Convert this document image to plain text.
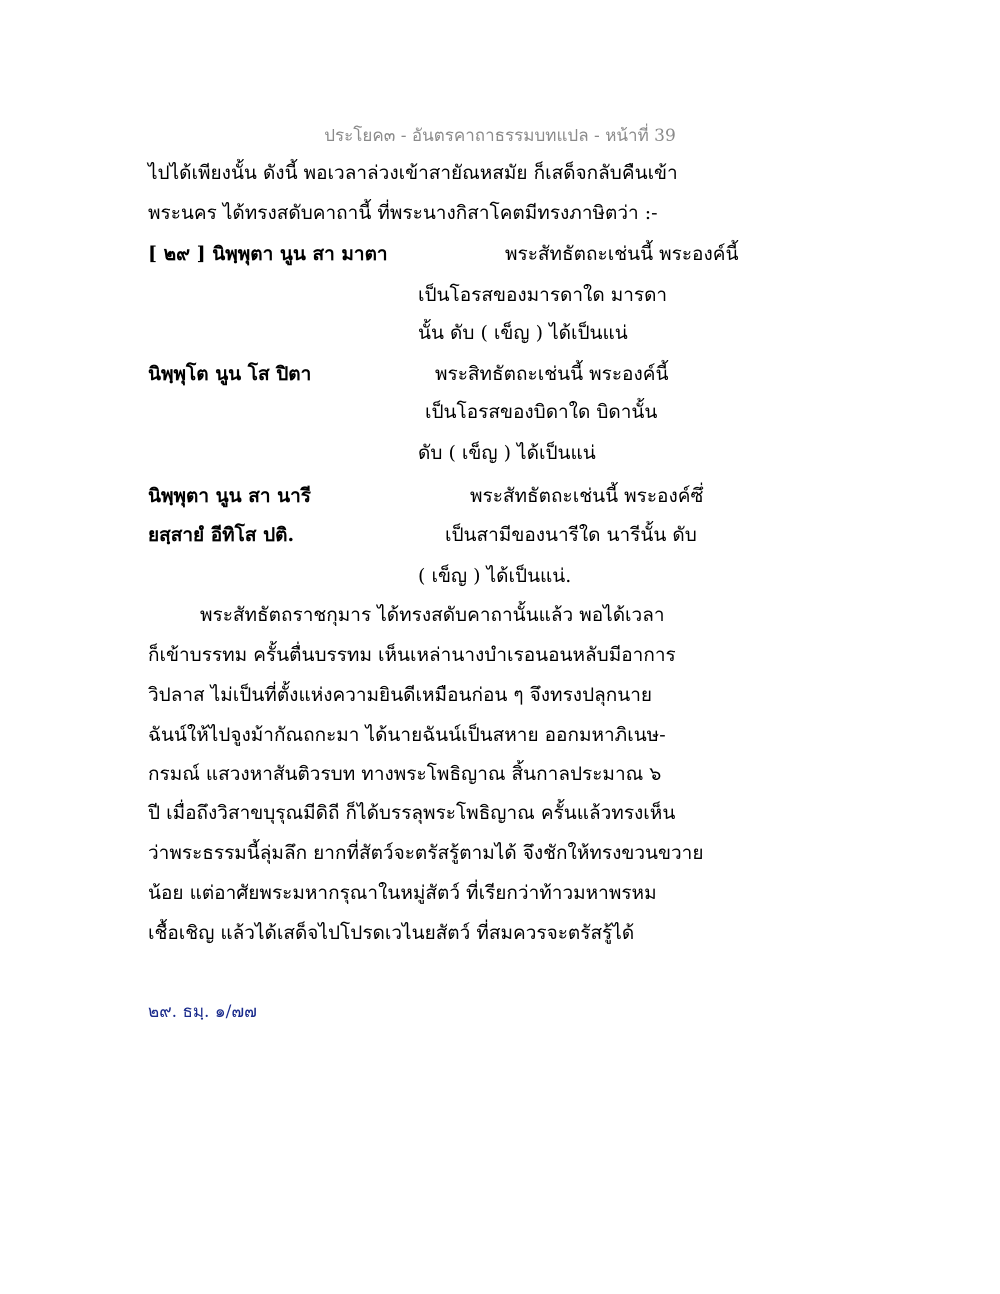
ประโยค๓ - อันตรคาถาธรรมบทแปล - หน้าที่ 39
ไปได้เพียงนั้น ดังนี้ พอเวลาล่วงเข้าสายัณหสมัย ก็เสด็จกลับคืนเข้า
พระนคร ได้ทรงสดับคาถานี้ ที่พระนางกิสาโคตมีทรงภาษิตว่า :-
[ ๒๙ ] นิพฺพุตา นูน สา มาตา	พระสัทธัตถะเช่นนี้ พระองค์นี้
เป็นโอรสของมารดาใด มารดา
นั้น ดับ ( เข็ญ ) ได้เป็นแน่
นิพฺพุโต นูน โส ปิตา	พระสิทธัตถะเช่นนี้ พระองค์นี้
เป็นโอรสของบิดาใด บิดานั้น
ดับ ( เข็ญ ) ได้เป็นแน่
นิพฺพุตา นูน สา นารี	พระสัทธัตถะเช่นนี้ พระองค์ซึ่
ยสฺสายํ อีทิโส ปติ.	เป็นสามีของนารีใด นารีนั้น ดับ
( เข็ญ ) ได้เป็นแน่.
พระสัทธัตถราชกุมาร ได้ทรงสดับคาถานั้นแล้ว พอได้เวลา
ก็เข้าบรรทม ครั้นตื่นบรรทม เห็นเหล่านางบำเรอนอนหลับมีอาการ
วิปลาส ไม่เป็นที่ตั้งแห่งความยินดีเหมือนก่อน ๆ จึงทรงปลุกนาย
ฉันน์ให้ไปจูงม้ากัณถกะมา ได้นายฉันน์เป็นสหาย ออกมหาภิเนษ-
กรมณ์ แสวงหาสันติวรบท ทางพระโพธิญาณ สิ้นกาลประมาณ ๖
ปี เมื่อถึงวิสาขบุรุณมีดิถี ก็ได้บรรลุพระโพธิญาณ ครั้นแล้วทรงเห็น
ว่าพระธรรมนี้ลุ่มลึก ยากที่สัตว์จะตรัสรู้ตามได้ จึงชักให้ทรงขวนขวาย
น้อย แต่อาศัยพระมหากรุณาในหมู่สัตว์ ที่เรียกว่าท้าวมหาพรหม
เชื้อเชิญ แล้วได้เสด็จไปโปรดเวไนยสัตว์ ที่สมควรจะตรัสรู้ได้
๒๙. ธมฺ. ๑/๗๗
